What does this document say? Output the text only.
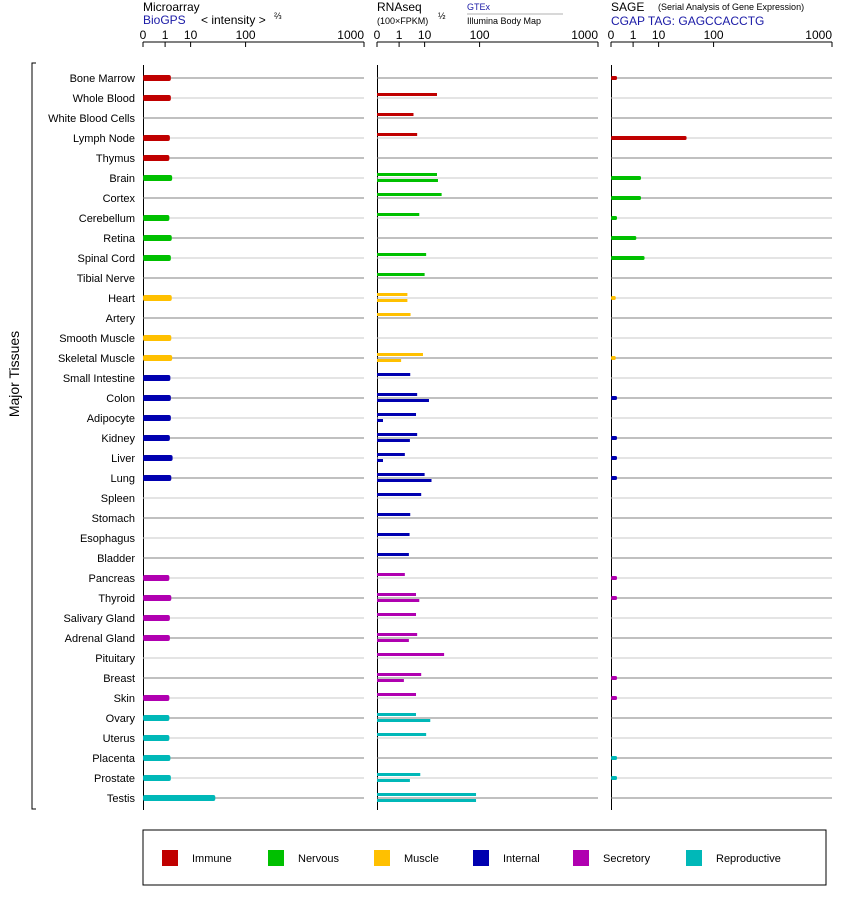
Microarray
BioGPS < intensity > ⅔
RNAseq
(100×FPKM) ½
GTEx
Illumina Body Map
SAGE (Serial Analysis of Gene Expression)
CGAP TAG: GAGCCACCTG
0 1 10	100	1000 0 1 10	100	1000 0 1 10	100	1000
Bone Marrow
Whole Blood
White Blood Cells
Lymph Node
Thymus
Brain
Cortex
Cerebellum
Retina
Spinal Cord
Tibial Nerve
Heart
Artery
Smooth Muscle
Skeletal Muscle
Small Intestine
Colon
Adipocyte
Kidney
Liver
Lung
Spleen
Stomach
Esophagus
Bladder
Pancreas
Thyroid
Salivary Gland
Adrenal Gland
Pituitary
Breast
Skin
Ovary
Uterus
Placenta
Prostate
Testis
Major Tissues
Immune	Nervous	Muscle	Internal	Secretory	Reproductive
